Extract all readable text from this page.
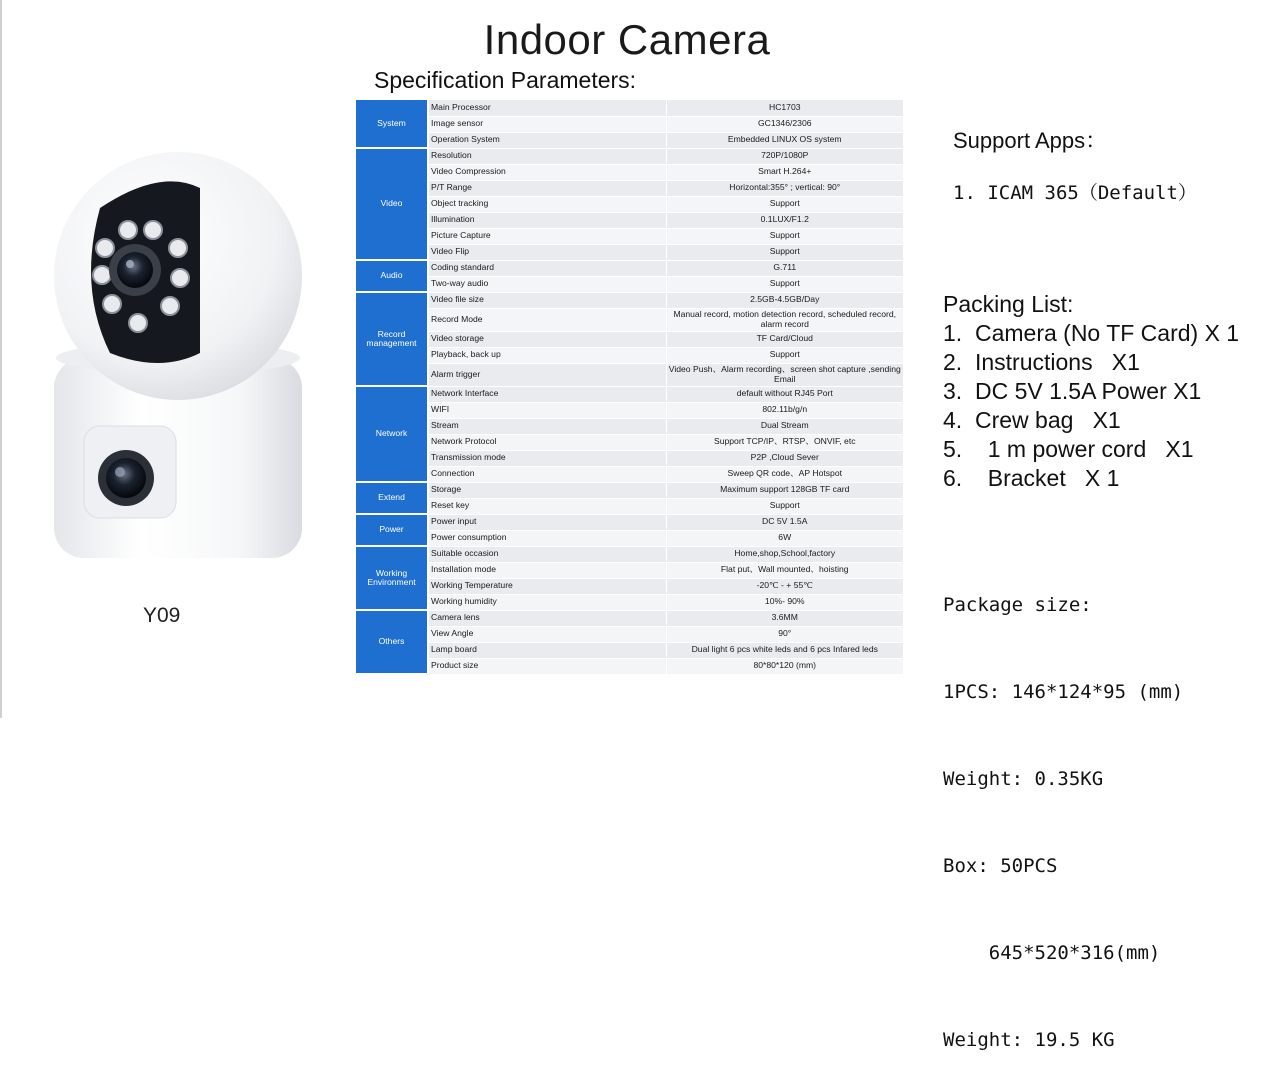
Indoor Camera
Specification Parameters:
Y09
System	Main Processor	HC1703
	Image sensor	GC1346/2306
	Operation System	Embedded LINUX OS system
Video	Resolution	720P/1080P
	Video Compression	Smart H.264+
	P/T Range	Horizontal:355° ; vertical: 90°
	Object tracking	Support
	Illumination	0.1LUX/F1.2
	Picture Capture	Support
	Video Flip	Support
Audio	Coding standard	G.711
	Two-way audio	Support
Record management	Video file size	2.5GB-4.5GB/Day
	Record Mode	Manual record, motion detection record, scheduled record, alarm record
	Video storage	TF Card/Cloud
	Playback, back up	Support
	Alarm trigger	Video Push、Alarm recording、screen shot capture ,sending Email
Network	Network Interface	default without RJ45 Port
	WIFI	802.11b/g/n
	Stream	Dual Stream
	Network Protocol	Support TCP/IP、RTSP、ONVIF, etc
	Transmission mode	P2P ,Cloud Sever
	Connection	Sweep QR code、AP Hotspot
Extend	Storage	Maximum support 128GB TF card
	Reset key	Support
Power	Power input	DC 5V 1.5A
	Power consumption	6W
Working Environment	Suitable occasion	Home,shop,School,factory
	Installation mode	Flat put、Wall mounted、hoisting
	Working Temperature	-20℃ - + 55℃
	Working humidity	10%- 90%
Others	Camera lens	3.6MM
	View Angle	90°
	Lamp board	Dual light 6 pcs white leds and 6 pcs Infared leds
	Product size	80*80*120 (mm)
Support Apps：
1. ICAM 365（Default）
Packing List:
1.  Camera (No TF Card) X 1
2.  Instructions   X1
3.  DC 5V 1.5A Power X1
4.  Crew bag   X1
5.    1 m power cord   X1
6.    Bracket   X 1

Package size:

1PCS: 146*124*95 (mm)

Weight: 0.35KG

Box: 50PCS

645*520*316(mm)

Weight: 19.5 KG
